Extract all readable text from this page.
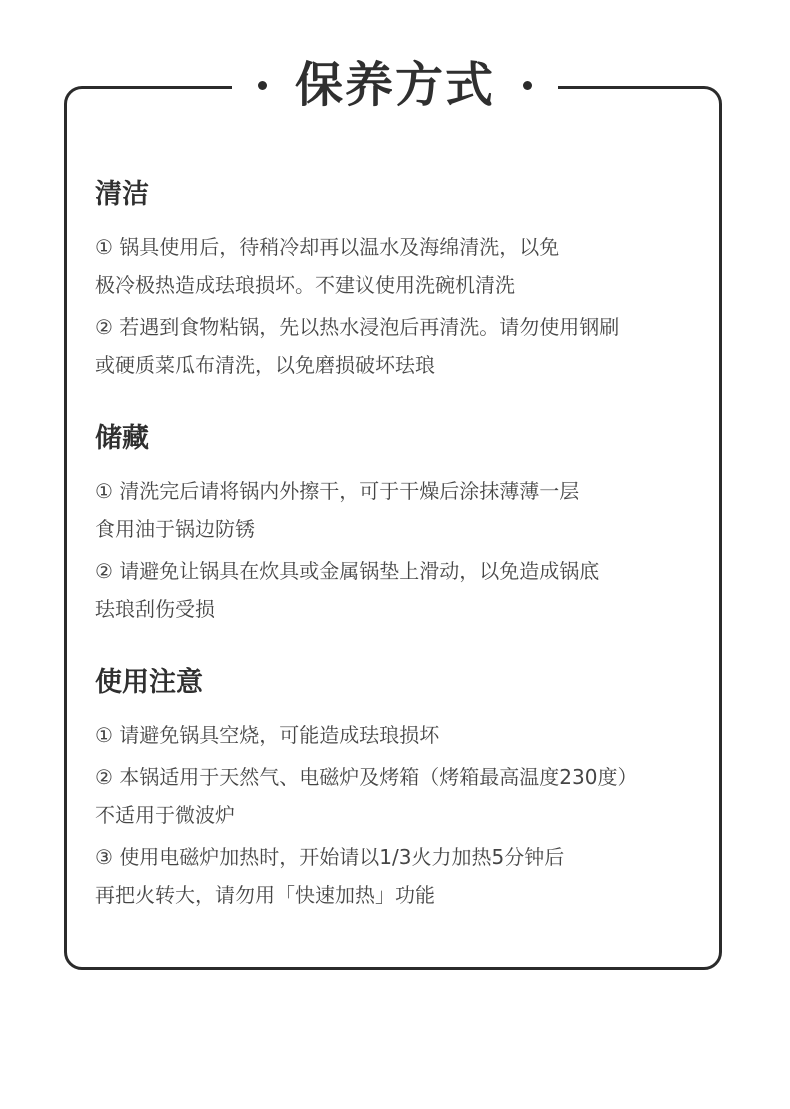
保养方式
清洁
① 锅具使用后，待稍冷却再以温水及海绵清洗，以免
极冷极热造成珐琅损坏。不建议使用洗碗机清洗
② 若遇到食物粘锅，先以热水浸泡后再清洗。请勿使用钢刷
或硬质菜瓜布清洗，以免磨损破坏珐琅
储藏
① 清洗完后请将锅内外擦干，可于干燥后涂抹薄薄一层
食用油于锅边防锈
② 请避免让锅具在炊具或金属锅垫上滑动，以免造成锅底
珐琅刮伤受损
使用注意
① 请避免锅具空烧，可能造成珐琅损坏
② 本锅适用于天然气、电磁炉及烤箱（烤箱最高温度230度）
不适用于微波炉
③ 使用电磁炉加热时，开始请以1/3火力加热5分钟后
再把火转大，请勿用「快速加热」功能
